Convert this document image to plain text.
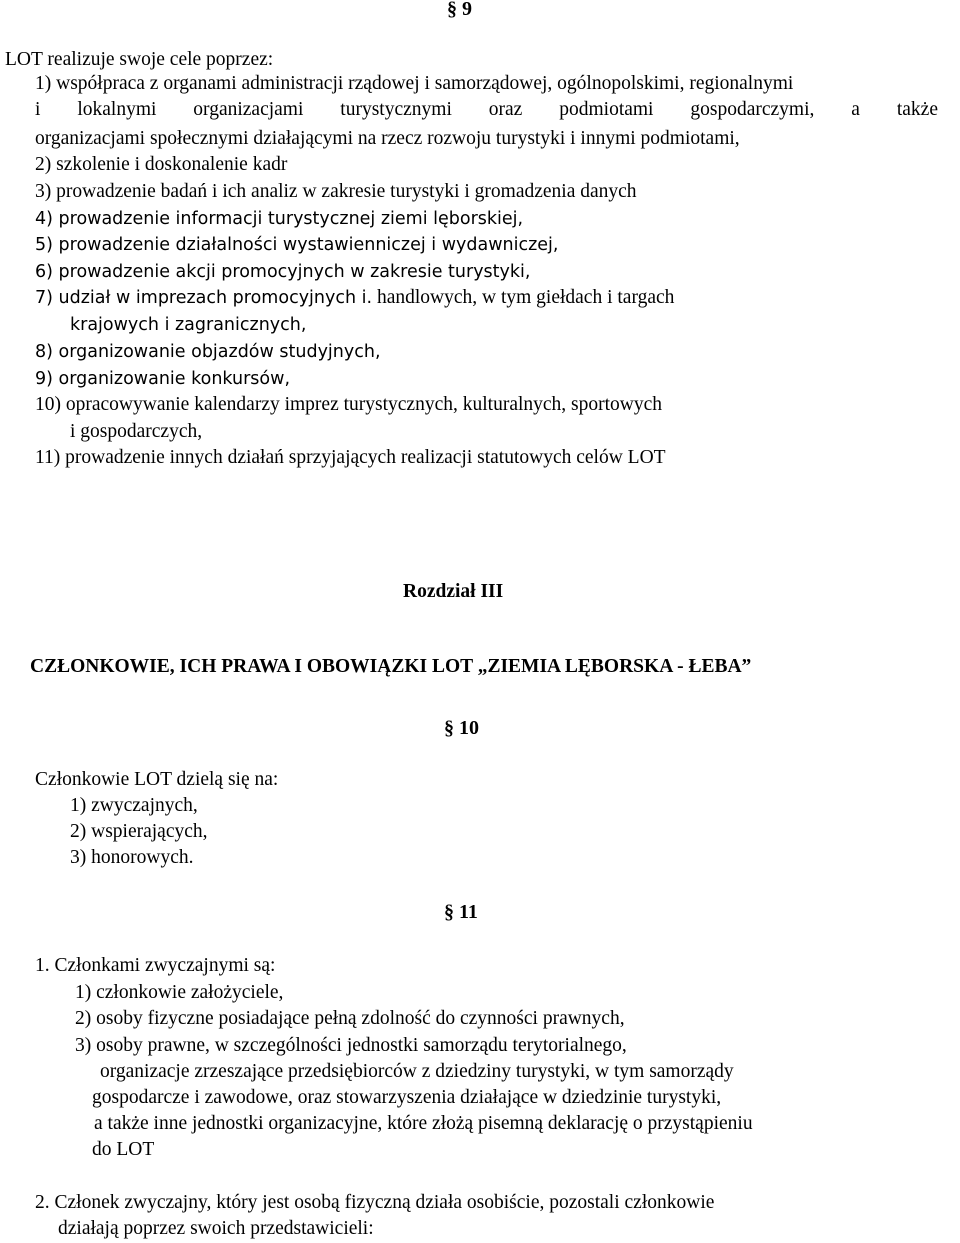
§ 9
LOT realizuje swoje cele poprzez:
1) współpraca z organami administracji rządowej i samorządowej, ogólnopolskimi, regionalnymi
i lokalnymi organizacjami turystycznymi oraz podmiotami gospodarczymi, a także
organizacjami społecznymi działającymi na rzecz rozwoju turystyki i innymi podmiotami,
2) szkolenie i doskonalenie kadr
3) prowadzenie badań i ich analiz w zakresie turystyki i gromadzenia danych
4) prowadzenie informacji turystycznej ziemi lęborskiej,
5) prowadzenie działalności wystawienniczej i wydawniczej,
6) prowadzenie akcji promocyjnych w zakresie turystyki,
7) udział w imprezach promocyjnych i. handlowych, w tym giełdach i targach
krajowych i zagranicznych,
8) organizowanie objazdów studyjnych,
9) organizowanie konkursów,
10) opracowywanie kalendarzy imprez turystycznych, kulturalnych, sportowych
i gospodarczych,
11) prowadzenie innych działań sprzyjających realizacji statutowych celów LOT
Rozdział III
CZŁONKOWIE, ICH PRAWA I OBOWIĄZKI LOT „ZIEMIA LĘBORSKA - ŁEBA”
§ 10
Członkowie LOT dzielą się na:
1) zwyczajnych,
2) wspierających,
3) honorowych.
§ 11
1. Członkami zwyczajnymi są:
1) członkowie założyciele,
2) osoby fizyczne posiadające pełną zdolność do czynności prawnych,
3) osoby prawne, w szczególności jednostki samorządu terytorialnego,
organizacje zrzeszające przedsiębiorców z dziedziny turystyki, w tym samorządy
gospodarcze i zawodowe, oraz stowarzyszenia działające w dziedzinie turystyki,
a także inne jednostki organizacyjne, które złożą pisemną deklarację o przystąpieniu
do LOT
2. Członek zwyczajny, który jest osobą fizyczną działa osobiście, pozostali członkowie
działają poprzez swoich przedstawicieli:
